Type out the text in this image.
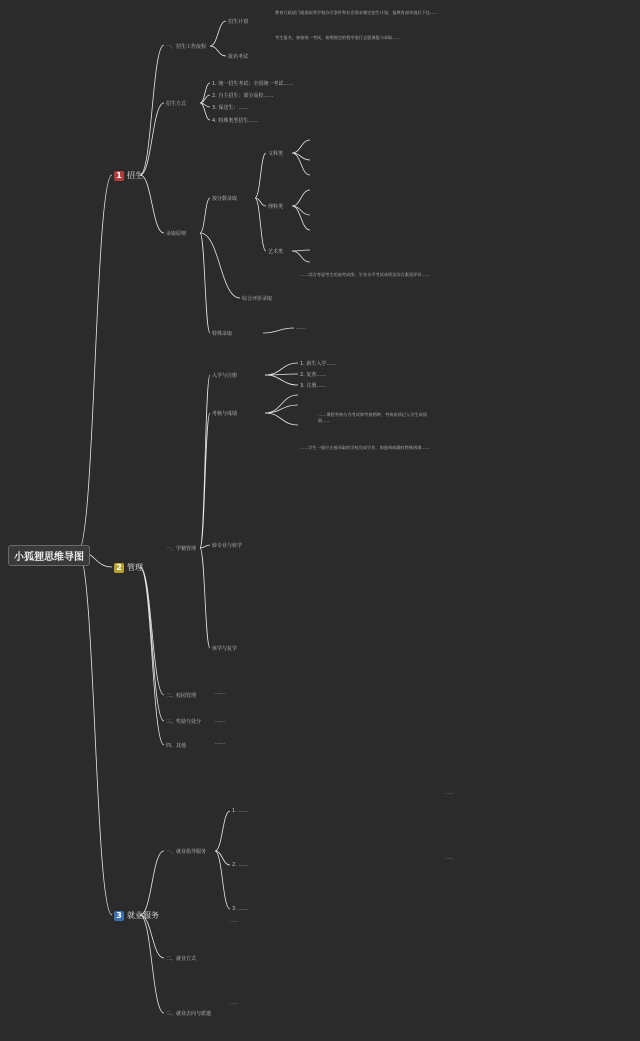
小狐狸思维导图
1 招生
一、招生工作流程
招生计划
教育行政部门根据高等学校办学条件和社会需求制定招生计划，报教育部审批后下达……
报名考试
考生报名，参加统一考试，按照规定的程序进行志愿填报与录取……
招生方式
1. 统一招生考试：全国统一考试……
2. 自主招生：部分高校……
3. 保送生：……
4. 特殊类型招生……
录取原则
按分数录取
文科类
理科类
艺术类
综合评价录取
……综合考虑考生的高考成绩、学业水平考试成绩及综合素质评价……
特殊录取
……
2 管理
一、学籍管理
入学与注册
1. 新生入学……
2. 复查……
3. 注册……
考核与成绩	……课程考核分为考试和考查两种，考核成绩记入学生成绩册……
转专业与转学
……学生一般应在被录取的学校完成学业，如患病或确有特殊困难……
休学与复学
二、校园管理	……
三、奖励与处分	……
四、其他	……
3 就业服务
一、就业指导服务
1. ……
……
2. ……
……
3. ……
二、就业方式
……
三、就业去向与派遣
……
